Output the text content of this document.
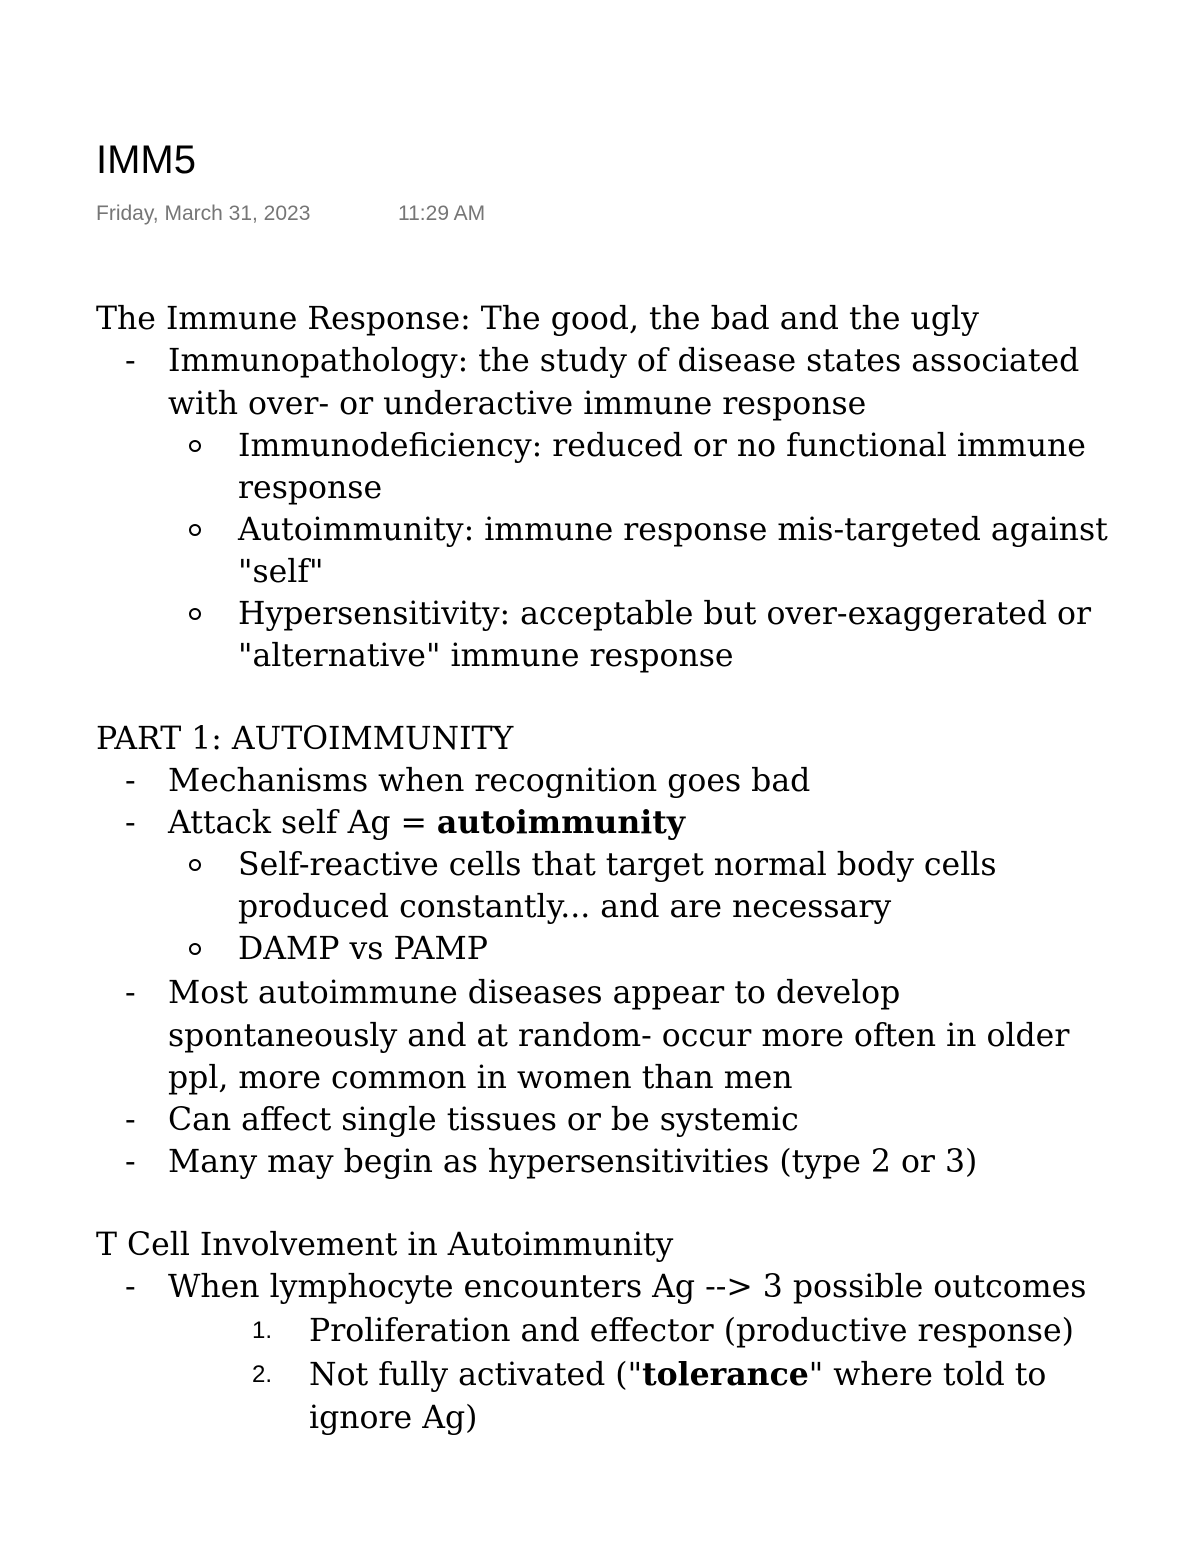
IMM5
Friday, March 31, 2023	11:29 AM
The Immune Response: The good, the bad and the ugly
- Immunopathology: the study of disease states associated
with over- or underactive immune response
Immunodeficiency: reduced or no functional immune
response
Autoimmunity: immune response mis-targeted against
"self"
Hypersensitivity: acceptable but over-exaggerated or
"alternative" immune response
PART 1: AUTOIMMUNITY
- Mechanisms when recognition goes bad
- Attack self Ag = autoimmunity
Self-reactive cells that target normal body cells
produced constantly... and are necessary
DAMP vs PAMP
- Most autoimmune diseases appear to develop
spontaneously and at random- occur more often in older
ppl, more common in women than men
- Can affect single tissues or be systemic
- Many may begin as hypersensitivities (type 2 or 3)
T Cell Involvement in Autoimmunity
- When lymphocyte encounters Ag --> 3 possible outcomes
1. Proliferation and effector (productive response)
2. Not fully activated ("tolerance" where told to
ignore Ag)
